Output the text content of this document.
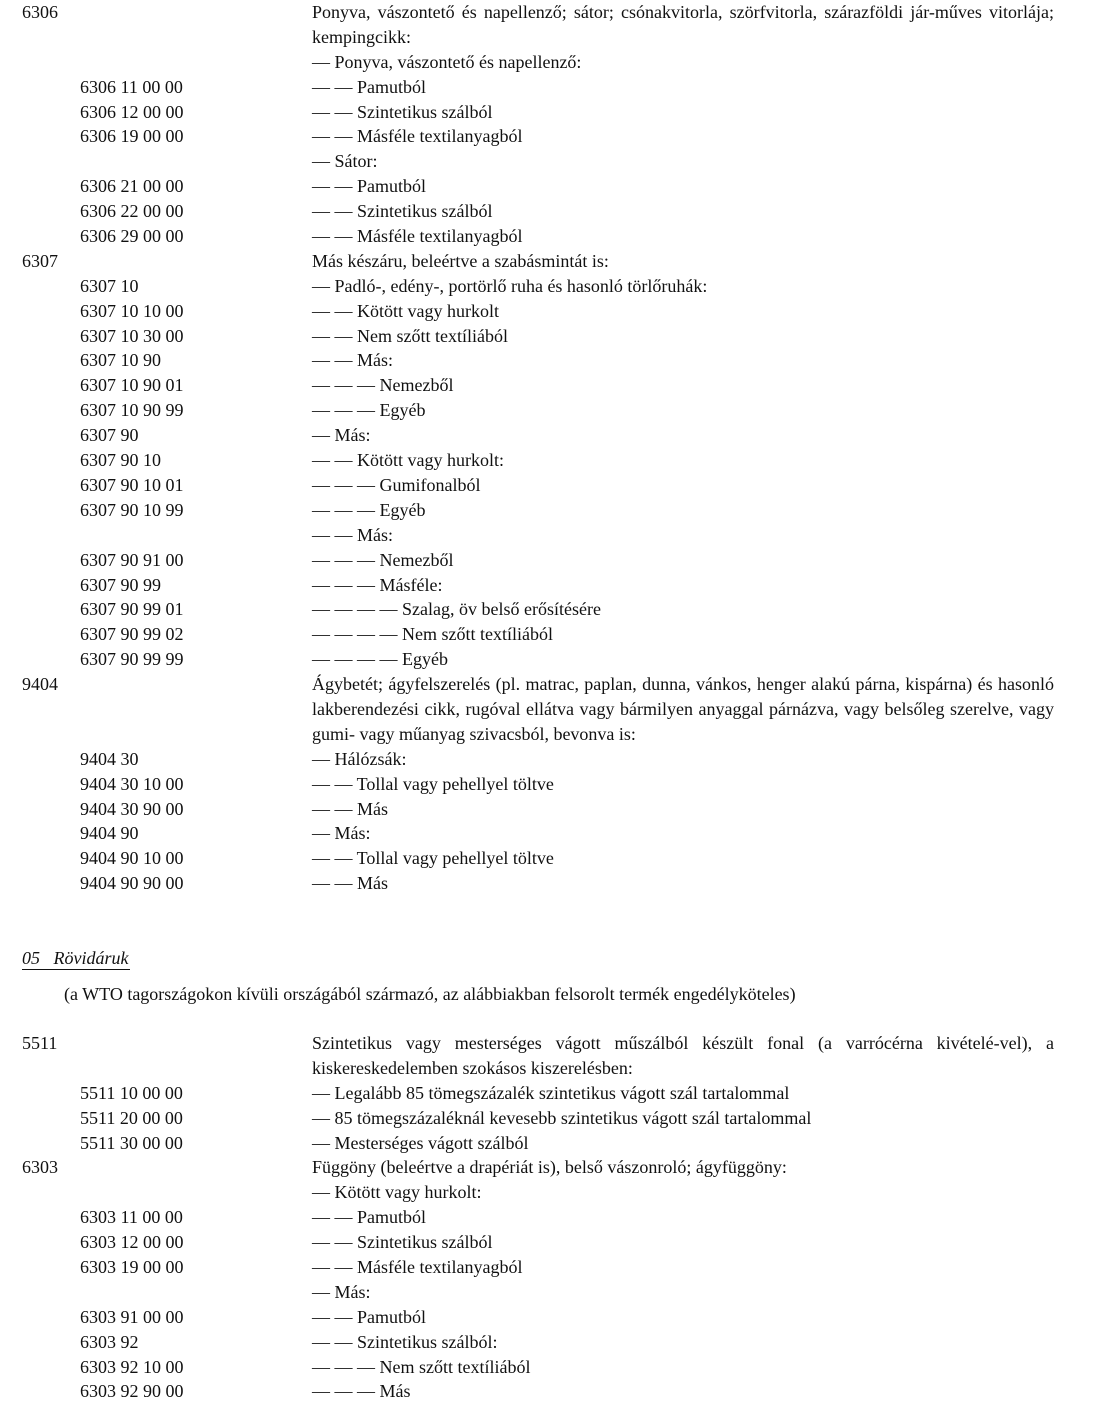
6306	Ponyva, vászontető és napellenző; sátor; csónakvitorla, szörfvitorla, szárazföldi jár-műves vitorlája; kempingcikk:
— Ponyva, vászontető és napellenző:
6306 11 00 00	— — Pamutból
6306 12 00 00	— — Szintetikus szálból
6306 19 00 00	— — Másféle textilanyagból
— Sátor:
6306 21 00 00	— — Pamutból
6306 22 00 00	— — Szintetikus szálból
6306 29 00 00	— — Másféle textilanyagból
6307	Más készáru, beleértve a szabásmintát is:
6307 10	— Padló-, edény-, portörlő ruha és hasonló törlőruhák:
6307 10 10 00	— — Kötött vagy hurkolt
6307 10 30 00	— — Nem szőtt textíliából
6307 10 90	— — Más:
6307 10 90 01	— — — Nemezből
6307 10 90 99	— — — Egyéb
6307 90	— Más:
6307 90 10	— — Kötött vagy hurkolt:
6307 90 10 01	— — — Gumifonalból
6307 90 10 99	— — — Egyéb
— — Más:
6307 90 91 00	— — — Nemezből
6307 90 99	— — — Másféle:
6307 90 99 01	— — — — Szalag, öv belső erősítésére
6307 90 99 02	— — — — Nem szőtt textíliából
6307 90 99 99	— — — — Egyéb
9404	Ágybetét; ágyfelszerelés (pl. matrac, paplan, dunna, vánkos, henger alakú párna, kispárna) és hasonló lakberendezési cikk, rugóval ellátva vagy bármilyen anyaggal párnázva, vagy belsőleg szerelve, vagy gumi- vagy műanyag szivacsból, bevonva is:
9404 30	— Hálózsák:
9404 30 10 00	— — Tollal vagy pehellyel töltve
9404 30 90 00	— — Más
9404 90	— Más:
9404 90 10 00	— — Tollal vagy pehellyel töltve
9404 90 90 00	— — Más
05 Rövidáruk
(a WTO tagországokon kívüli országából származó, az alábbiakban felsorolt termék engedélyköteles)
5511	Szintetikus vagy mesterséges vágott műszálból készült fonal (a varrócérna kivételé-vel), a kiskereskedelemben szokásos kiszerelésben:
5511 10 00 00	— Legalább 85 tömegszázalék szintetikus vágott szál tartalommal
5511 20 00 00	— 85 tömegszázaléknál kevesebb szintetikus vágott szál tartalommal
5511 30 00 00	— Mesterséges vágott szálból
6303	Függöny (beleértve a drapériát is), belső vászonroló; ágyfüggöny:
— Kötött vagy hurkolt:
6303 11 00 00	— — Pamutból
6303 12 00 00	— — Szintetikus szálból
6303 19 00 00	— — Másféle textilanyagból
— Más:
6303 91 00 00	— — Pamutból
6303 92	— — Szintetikus szálból:
6303 92 10 00	— — — Nem szőtt textíliából
6303 92 90 00	— — — Más
